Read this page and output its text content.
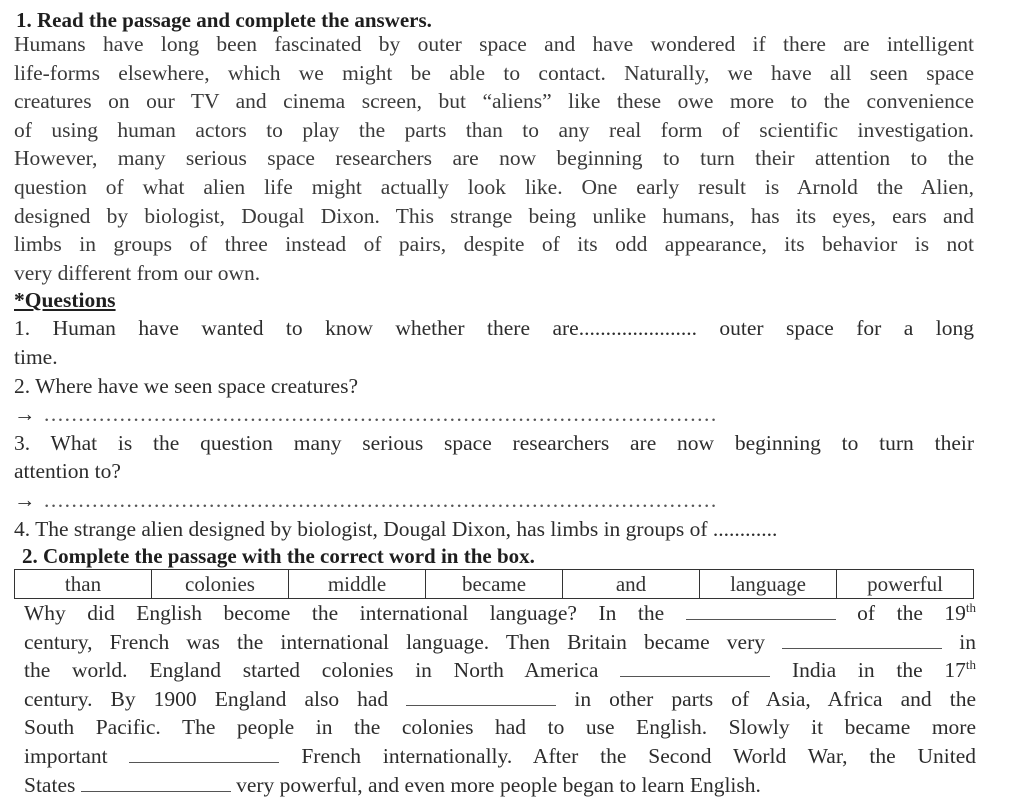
1. Read the passage and complete the answers.
Humans have long been fascinated by outer space and have wondered if there are intelligent
life-forms elsewhere, which we might be able to contact. Naturally, we have all seen space
creatures on our TV and cinema screen, but “aliens” like these owe more to the convenience
of using human actors to play the parts than to any real form of scientific investigation.
However, many serious space researchers are now beginning to turn their attention to the
question of what alien life might actually look like. One early result is Arnold the Alien,
designed by biologist, Dougal Dixon. This strange being unlike humans, has its eyes, ears and
limbs in groups of three instead of pairs, despite of its odd appearance, its behavior is not
very different from our own.
*Questions
1. Human have wanted to know whether there are...................... outer space for a long
time.
2. Where have we seen space creatures?
→ ..................................................................................................
3. What is the question many serious space researchers are now beginning to turn their
attention to?
→ ..................................................................................................
4. The strange alien designed by biologist, Dougal Dixon, has limbs in groups of ............
2. Complete the passage with the correct word in the box.
than	colonies	middle	became	and	language	powerful
Why did English become the international language? In the	of the 19th
century, French was the international language. Then Britain became very	in
the world. England started colonies in North America	India in the 17th
century. By 1900 England also had	in other parts of Asia, Africa and the
South Pacific. The people in the colonies had to use English. Slowly it became more
important	French internationally. After the Second World War, the United
States	very powerful, and even more people began to learn English.
